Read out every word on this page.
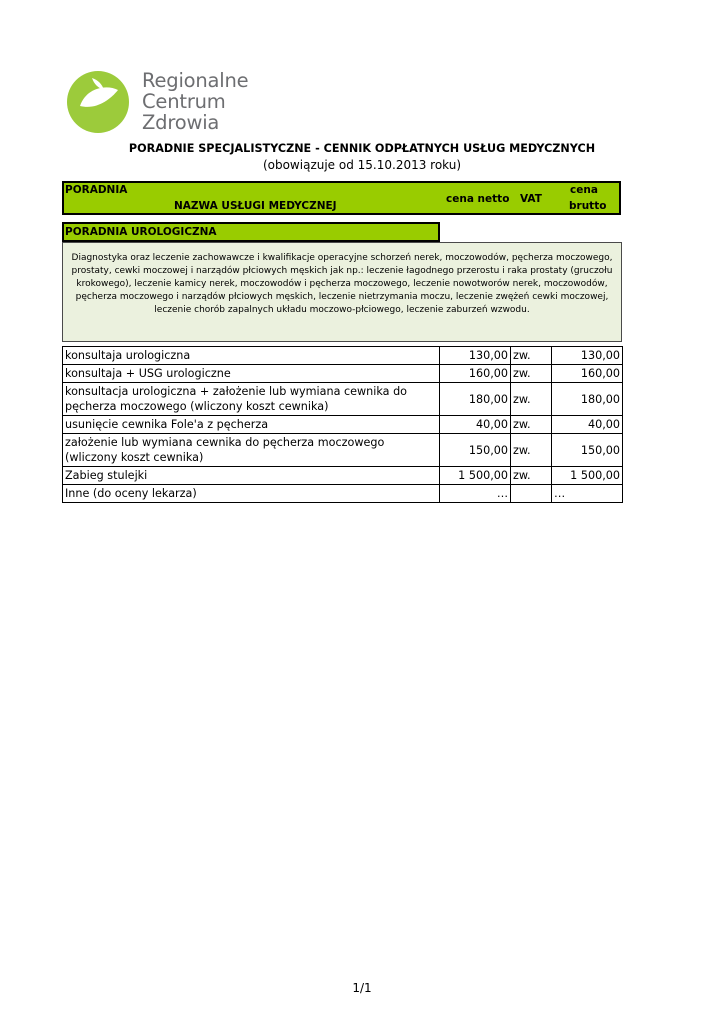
Regionalne
Centrum
Zdrowia
PORADNIE SPECJALISTYCZNE - CENNIK ODPŁATNYCH USŁUG MEDYCZNYCH
(obowiązuje od 15.10.2013 roku)
PORADNIA
NAZWA USŁUGI MEDYCZNEJ
cena netto VAT
cena
brutto
PORADNIA UROLOGICZNA
Diagnostyka oraz leczenie zachowawcze i kwalifikacje operacyjne schorzeń nerek, moczowodów, pęcherza moczowego, prostaty, cewki moczowej i narządów płciowych męskich jak np.: leczenie łagodnego przerostu i raka prostaty (gruczołu krokowego), leczenie kamicy nerek, moczowodów i pęcherza moczowego, leczenie nowotworów nerek, moczowodów, pęcherza moczowego i narządów płciowych męskich, leczenie nietrzymania moczu, leczenie zwężeń cewki moczowej, leczenie chorób zapalnych układu moczowo-płciowego, leczenie zaburzeń wzwodu.
konsultaja urologiczna	130,00	zw.	130,00
konsultaja + USG urologiczne	160,00	zw.	160,00
konsultacja urologiczna + założenie lub wymiana cewnika do pęcherza moczowego (wliczony koszt cewnika)	180,00	zw.	180,00
usunięcie cewnika Fole'a z pęcherza	40,00	zw.	40,00
założenie lub wymiana cewnika do pęcherza moczowego (wliczony koszt cewnika)	150,00	zw.	150,00
Zabieg stulejki	1 500,00	zw.	1 500,00
Inne (do oceny lekarza)	…		…
1/1
